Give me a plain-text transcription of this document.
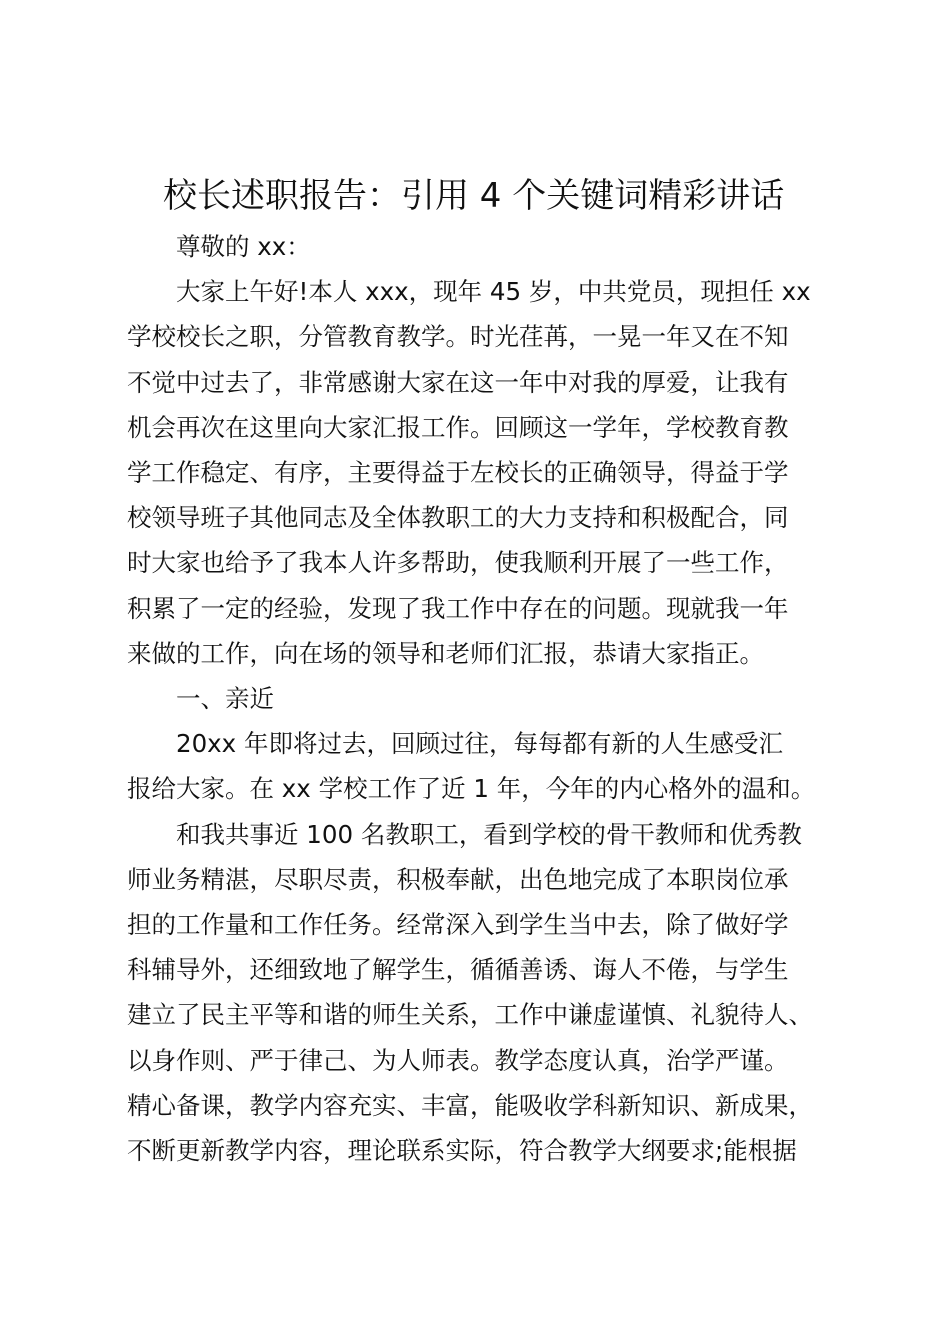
校长述职报告：引用 4 个关键词精彩讲话

尊敬的 xx：

大家上午好!本人 xxx，现年 45 岁，中共党员，现担任 xx
学校校长之职，分管教育教学。时光荏苒，一晃一年又在不知
不觉中过去了，非常感谢大家在这一年中对我的厚爱，让我有
机会再次在这里向大家汇报工作。回顾这一学年，学校教育教
学工作稳定、有序，主要得益于左校长的正确领导，得益于学
校领导班子其他同志及全体教职工的大力支持和积极配合，同
时大家也给予了我本人许多帮助，使我顺利开展了一些工作，
积累了一定的经验，发现了我工作中存在的问题。现就我一年
来做的工作，向在场的领导和老师们汇报，恭请大家指正。

一、亲近

20xx 年即将过去，回顾过往，每每都有新的人生感受汇
报给大家。在 xx 学校工作了近 1 年，今年的内心格外的温和。

和我共事近 100 名教职工，看到学校的骨干教师和优秀教
师业务精湛，尽职尽责，积极奉献，出色地完成了本职岗位承
担的工作量和工作任务。经常深入到学生当中去，除了做好学
科辅导外，还细致地了解学生，循循善诱、诲人不倦，与学生
建立了民主平等和谐的师生关系，工作中谦虚谨慎、礼貌待人、
以身作则、严于律己、为人师表。教学态度认真，治学严谨。
精心备课，教学内容充实、丰富，能吸收学科新知识、新成果，
不断更新教学内容，理论联系实际，符合教学大纲要求;能根据
